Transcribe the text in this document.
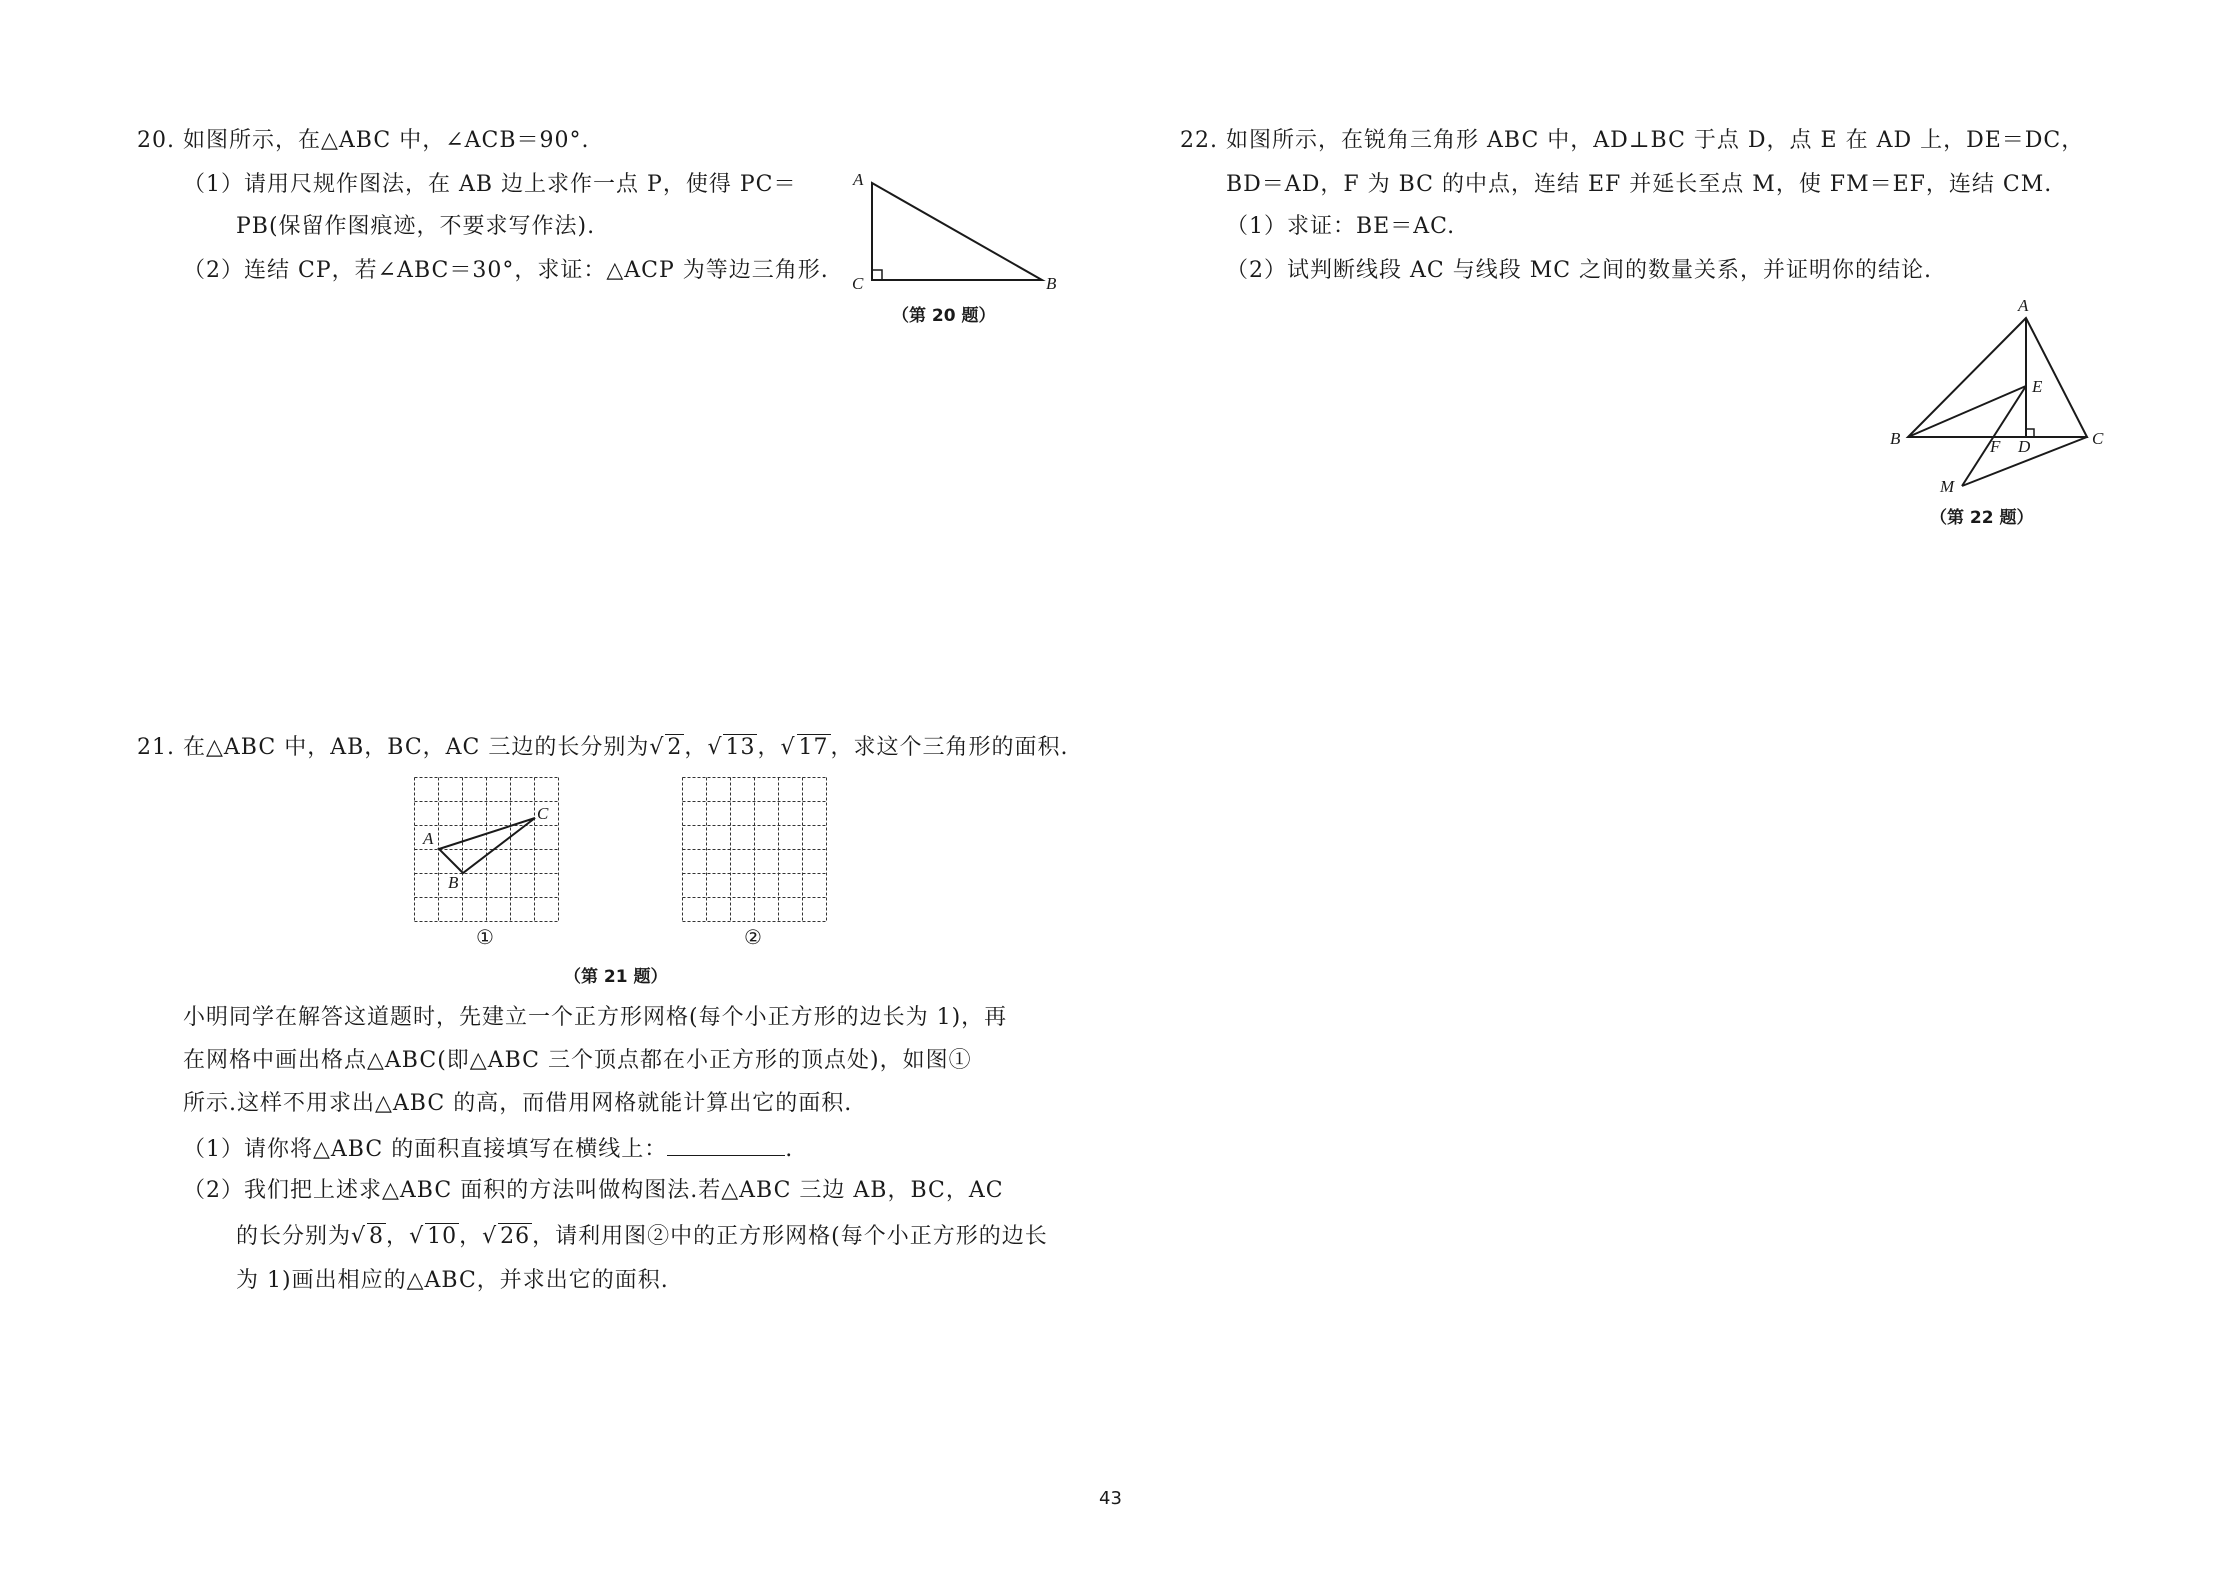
20. 如图所示，在△ABC 中，∠ACB＝90°.
（1）请用尺规作图法，在 AB 边上求作一点 P，使得 PC＝
PB(保留作图痕迹，不要求写作法).
（2）连结 CP，若∠ABC＝30°，求证：△ACP 为等边三角形.
A
C	B
（第 20 题）
21. 在△ABC 中，AB，BC，AC 三边的长分别为√ 2，√ 13，√ 17，求这个三角形的面积.
A
B
C
①	②
（第 21 题）
小明同学在解答这道题时，先建立一个正方形网格(每个小正方形的边长为 1)，再
在网格中画出格点△ABC(即△ABC 三个顶点都在小正方形的顶点处)，如图①
所示.这样不用求出△ABC 的高，而借用网格就能计算出它的面积.
（1）请你将△ABC 的面积直接填写在横线上：	.
（2）我们把上述求△ABC 面积的方法叫做构图法.若△ABC 三边 AB，BC，AC
的长分别为√ 8，√ 10，√ 26，请利用图②中的正方形网格(每个小正方形的边长
为 1)画出相应的△ABC，并求出它的面积.
22. 如图所示，在锐角三角形 ABC 中，AD⊥BC 于点 D，点 E 在 AD 上，DE＝DC，
BD＝AD，F 为 BC 的中点，连结 EF 并延长至点 M，使 FM＝EF，连结 CM.
（1）求证：BE＝AC.
（2）试判断线段 AC 与线段 MC 之间的数量关系，并证明你的结论.
A
E
B	F D	C
M
（第 22 题）
43
